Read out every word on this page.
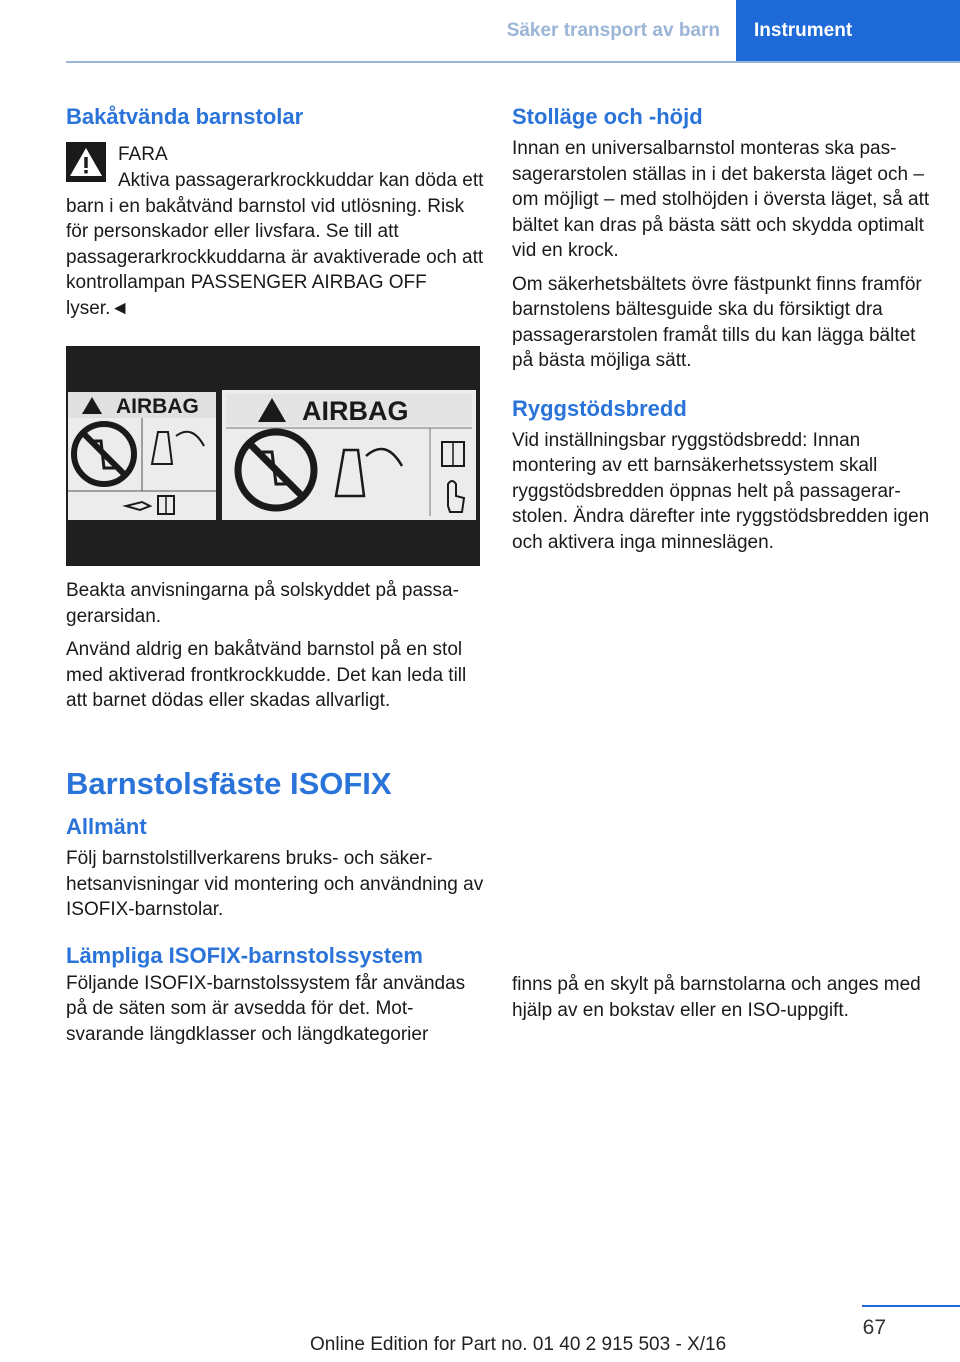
Säker transport av barn	Instrument

Bakåtvända barnstolar

FARA

Aktiva passagerarkrockkuddar kan döda ett barn i en bakåtvänd barnstol vid utlösning. Risk för personskador eller livsfara. Se till att passagerarkrockkuddarna är avaktiverade och att kontrollampan PASSENGER AIRBAG OFF lyser.◄

AIRBAG	AIRBAG

Beakta anvisningarna på solskyddet på passagerarsidan.

Använd aldrig en bakåtvänd barnstol på en stol med aktiverad frontkrockkudde. Det kan leda till att barnet dödas eller skadas allvarligt.

Barnstolsfäste ISOFIX

Allmänt

Följ barnstolstillverkarens bruks- och säkerhetsanvisningar vid montering och användning av ISOFIX-barnstolar.

Lämpliga ISOFIX-barnstolssystem

Följande ISOFIX-barnstolssystem får användas på de säten som är avsedda för det. Motsvarande längdklasser och längdkategorier

Stolläge och -höjd

Innan en universalbarnstol monteras ska passagerarstolen ställas in i det bakersta läget och – om möjligt – med stolhöjden i översta läget, så att bältet kan dras på bästa sätt och skydda optimalt vid en krock.

Om säkerhetsbältets övre fästpunkt finns framför barnstolens bältesguide ska du försiktigt dra passagerarstolen framåt tills du kan lägga bältet på bästa möjliga sätt.

Ryggstödsbredd

Vid inställningsbar ryggstödsbredd: Innan montering av ett barnsäkerhetssystem skall ryggstödsbredden öppnas helt på passagerarstolen. Ändra därefter inte ryggstödsbredden igen och aktivera inga minneslägen.

finns på en skylt på barnstolarna och anges med hjälp av en bokstav eller en ISO-uppgift.

67
Online Edition for Part no. 01 40 2 915 503 - X/16
